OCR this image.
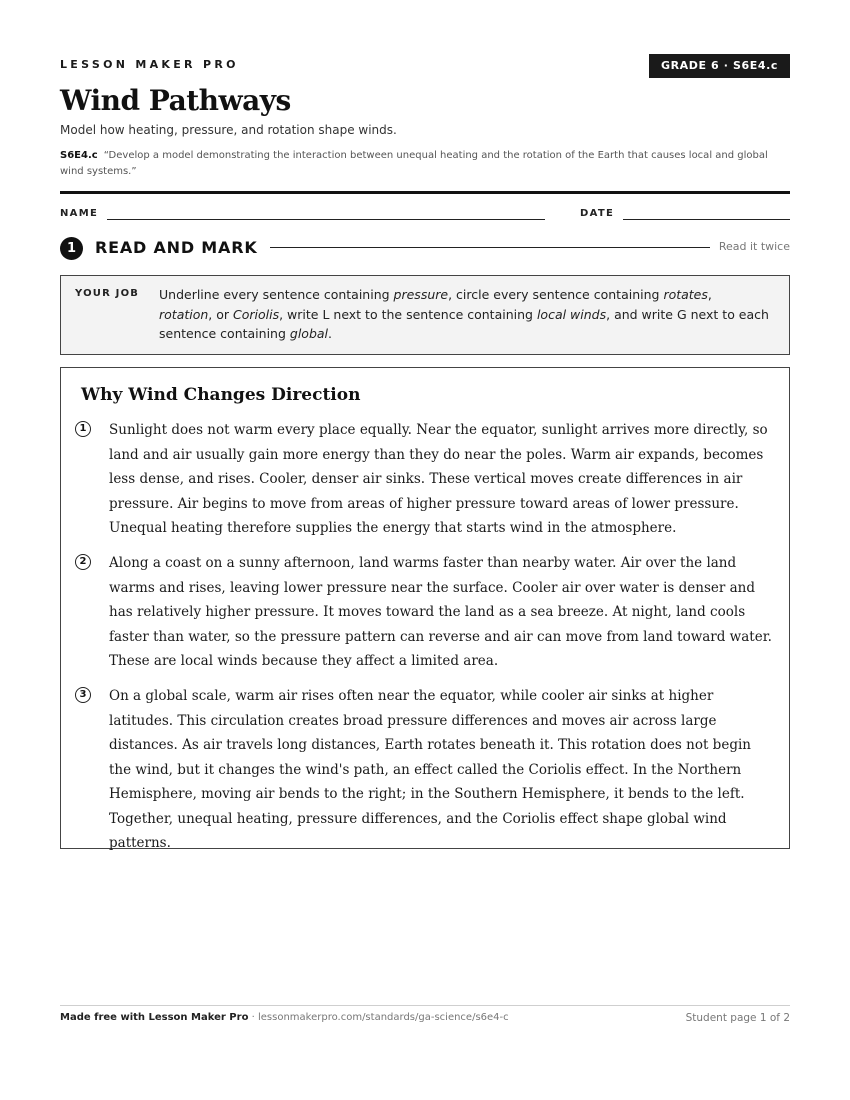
LESSON MAKER PRO	GRADE 6 · S6E4.c
Wind Pathways
Model how heating, pressure, and rotation shape winds.
S6E4.c “Develop a model demonstrating the interaction between unequal heating and the rotation of the Earth that causes local and global wind systems.”
NAME	DATE
1	READ AND MARK	Read it twice
YOUR JOB Underline every sentence containing pressure, circle every sentence containing rotates, rotation, or Coriolis, write L next to the sentence containing local winds, and write G next to each sentence containing global.
Why Wind Changes Direction
1	Sunlight does not warm every place equally. Near the equator, sunlight arrives more directly, so land and air usually gain more energy than they do near the poles. Warm air expands, becomes less dense, and rises. Cooler, denser air sinks. These vertical moves create differences in air pressure. Air begins to move from areas of higher pressure toward areas of lower pressure. Unequal heating therefore supplies the energy that starts wind in the atmosphere.
2	Along a coast on a sunny afternoon, land warms faster than nearby water. Air over the land warms and rises, leaving lower pressure near the surface. Cooler air over water is denser and has relatively higher pressure. It moves toward the land as a sea breeze. At night, land cools faster than water, so the pressure pattern can reverse and air can move from land toward water. These are local winds because they affect a limited area.
3	On a global scale, warm air rises often near the equator, while cooler air sinks at higher latitudes. This circulation creates broad pressure differences and moves air across large distances. As air travels long distances, Earth rotates beneath it. This rotation does not begin the wind, but it changes the wind's path, an effect called the Coriolis effect. In the Northern Hemisphere, moving air bends to the right; in the Southern Hemisphere, it bends to the left. Together, unequal heating, pressure differences, and the Coriolis effect shape global wind patterns.
Made free with Lesson Maker Pro · lessonmakerpro.com/standards/ga-science/s6e4-c	Student page 1 of 2
